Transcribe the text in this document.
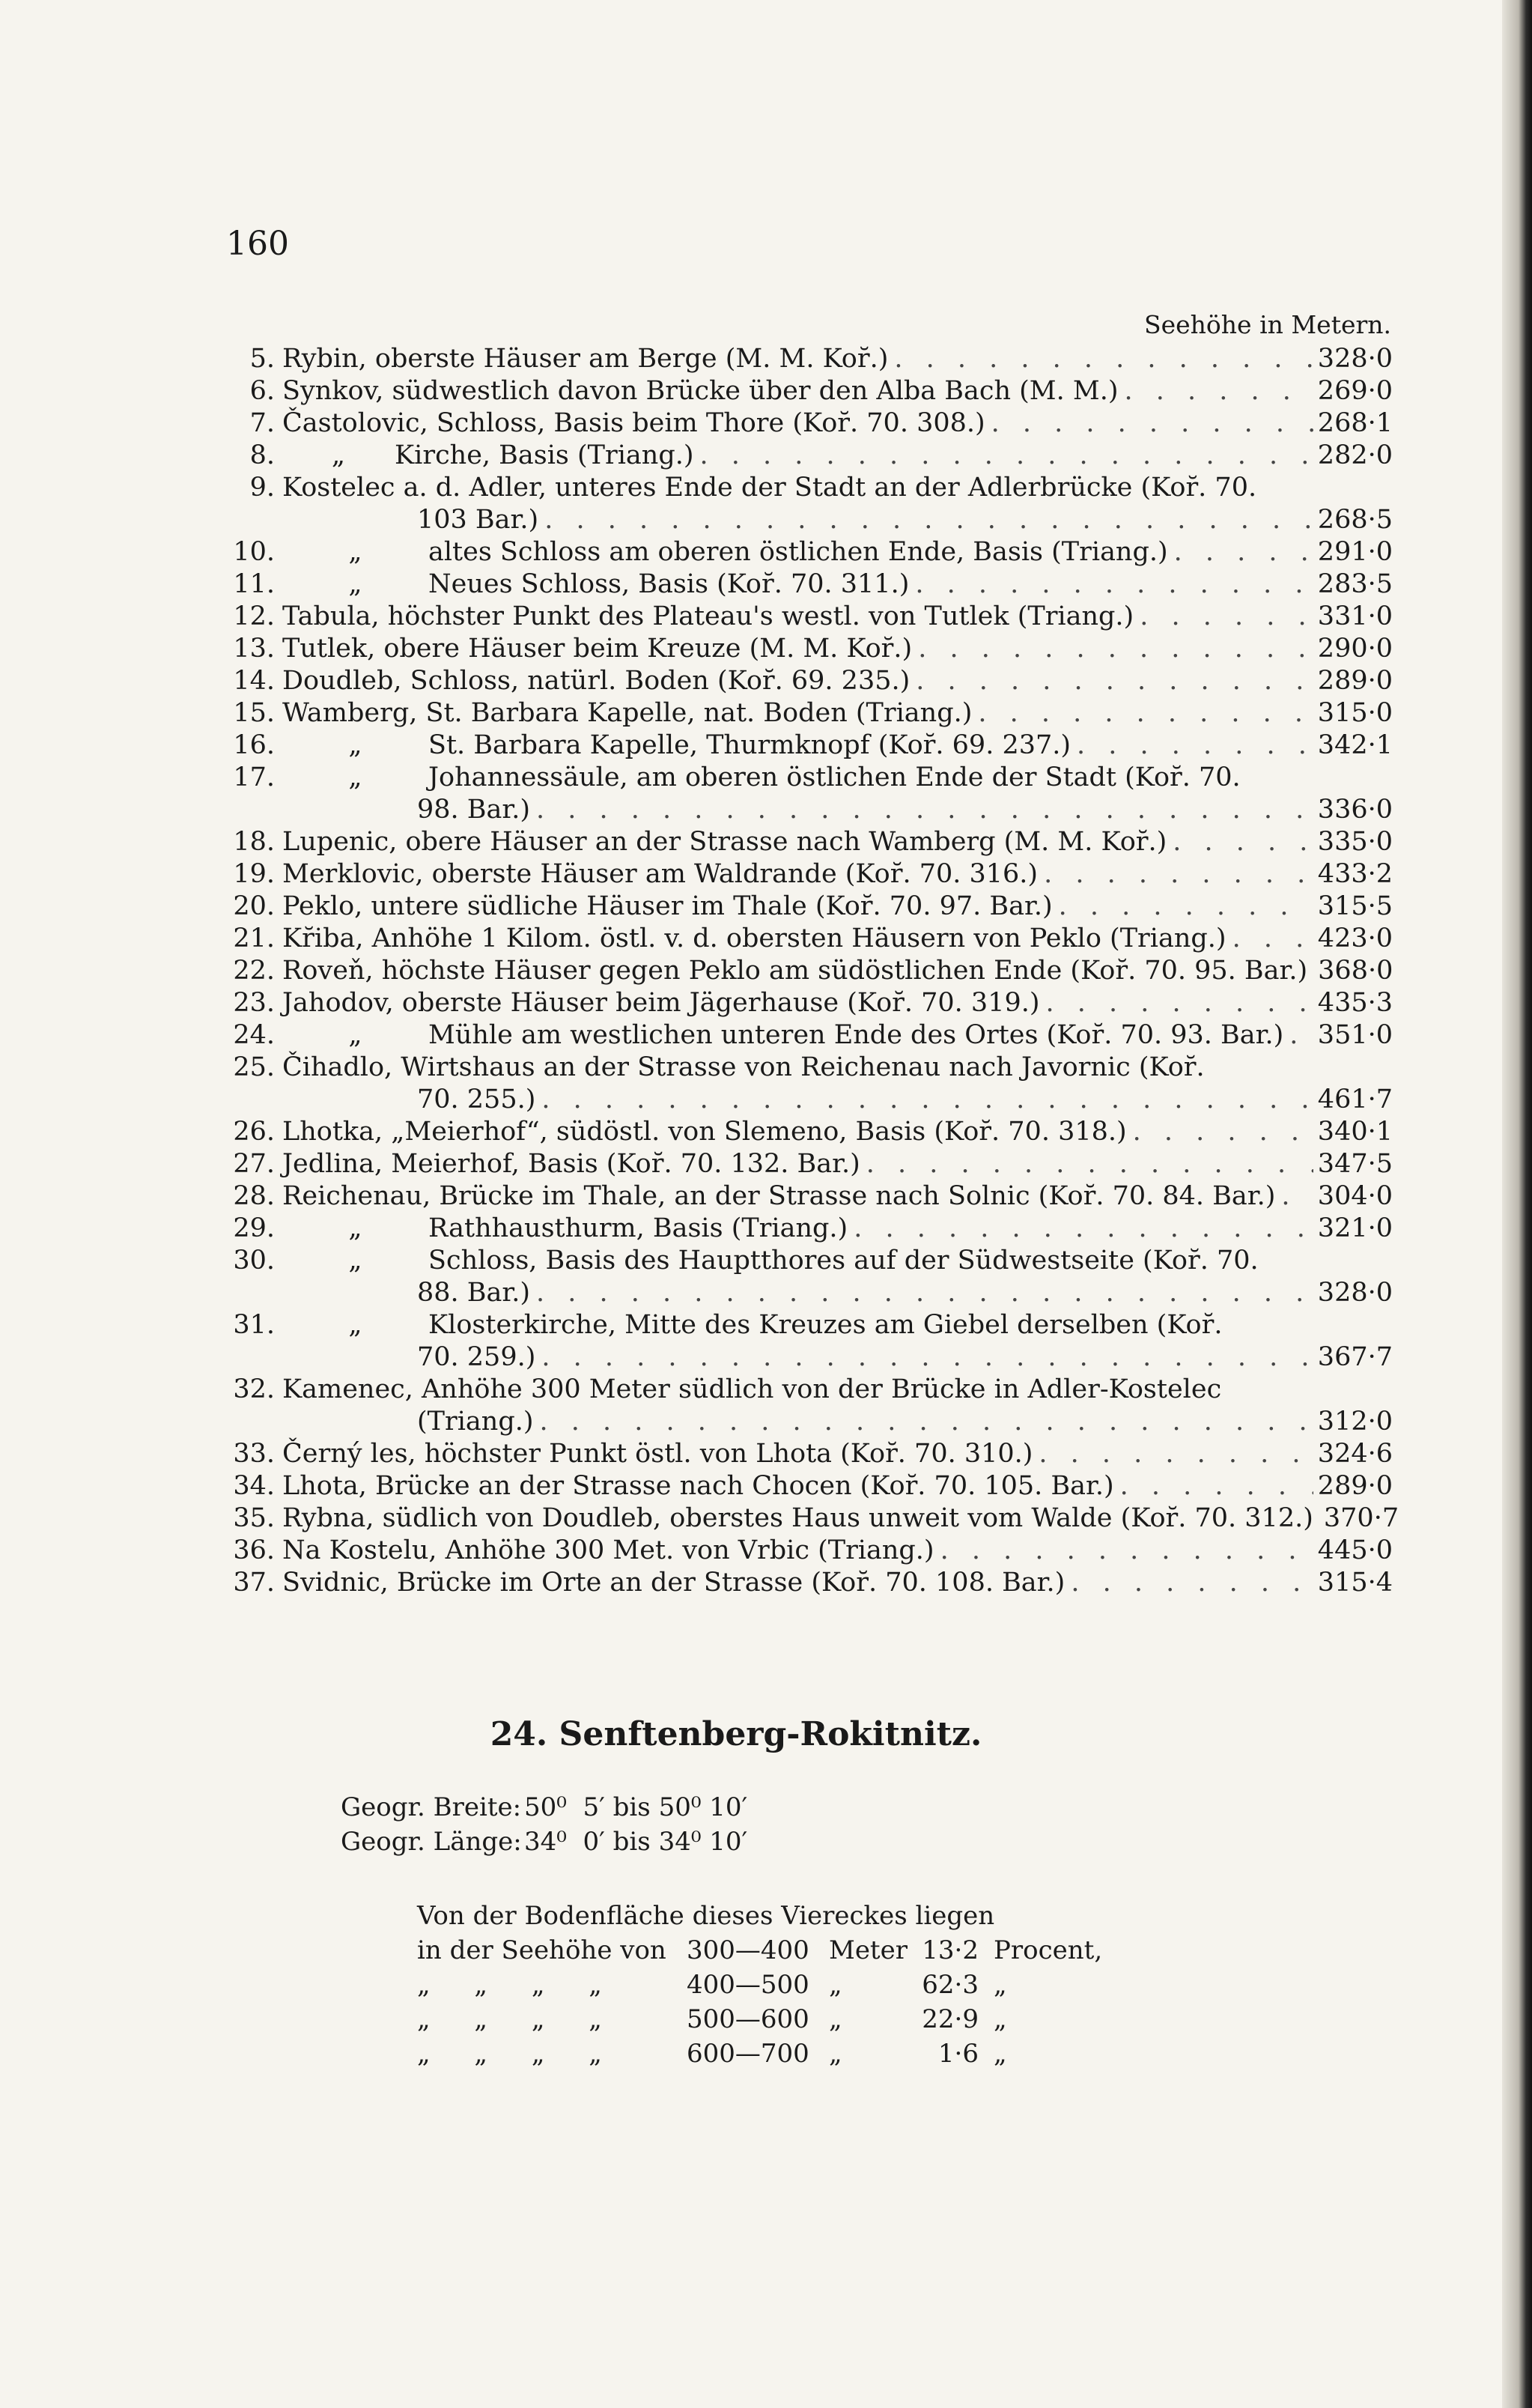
160
Seehöhe in Metern.
5. Rybin, oberste Häuser am Berge (M. M. Kor̆.) . . .	328·0
6. Synkov, südwestlich davon Brücke über den Alba Bach (M. M.) . . .	269·0
7. Častolovic, Schloss, Basis beim Thore (Kor̆. 70. 308.) . . .	268·1
8.	„ Kirche, Basis (Triang.) . . .	282·0
9. Kostelec a. d. Adler, unteres Ende der Stadt an der Adlerbrücke (Kor̆. 70.
103 Bar.) . . .	268·5
10.	„	altes Schloss am oberen östlichen Ende, Basis (Triang.) . . .	291·0
11.	„	Neues Schloss, Basis (Kor̆. 70. 311.) . . .	283·5
12. Tabula, höchster Punkt des Plateau's westl. von Tutlek (Triang.) . . .	331·0
13. Tutlek, obere Häuser beim Kreuze (M. M. Kor̆.) . . .	290·0
14. Doudleb, Schloss, natürl. Boden (Kor̆. 69. 235.) . . .	289·0
15. Wamberg, St. Barbara Kapelle, nat. Boden (Triang.) . . .	315·0
16.	„	St. Barbara Kapelle, Thurmknopf (Kor̆. 69. 237.) . . .	342·1
17.	„	Johannessäule, am oberen östlichen Ende der Stadt (Kor̆. 70.
98. Bar.) . . .	336·0
18. Lupenic, obere Häuser an der Strasse nach Wamberg (M. M. Kor̆.) . . .	335·0
19. Merklovic, oberste Häuser am Waldrande (Kor̆. 70. 316.) . . .	433·2
20. Peklo, untere südliche Häuser im Thale (Kor̆. 70. 97. Bar.) . . .	315·5
21. Kr̆iba, Anhöhe 1 Kilom. östl. v. d. obersten Häusern von Peklo (Triang.) . . .	423·0
22. Roveň, höchste Häuser gegen Peklo am südöstlichen Ende (Kor̆. 70. 95. Bar.) . . . 368·0
23. Jahodov, oberste Häuser beim Jägerhause (Kor̆. 70. 319.) . . .	435·3
24.	„	Mühle am westlichen unteren Ende des Ortes (Kor̆. 70. 93. Bar.) . . . 351·0
25. Čihadlo, Wirtshaus an der Strasse von Reichenau nach Javornic (Kor̆.
70. 255.) . . .	461·7
26. Lhotka, „Meierhof“, südöstl. von Slemeno, Basis (Kor̆. 70. 318.) . . .	340·1
27. Jedlina, Meierhof, Basis (Kor̆. 70. 132. Bar.) . . .	347·5
28. Reichenau, Brücke im Thale, an der Strasse nach Solnic (Kor̆. 70. 84. Bar.) . . . 304·0
29.	„	Rathhausthurm, Basis (Triang.) . . .	321·0
30.	„	Schloss, Basis des Hauptthores auf der Südwestseite (Kor̆. 70.
88. Bar.) . . .	328·0
31.	„	Klosterkirche, Mitte des Kreuzes am Giebel derselben (Kor̆.
70. 259.) . . .	367·7
32. Kamenec, Anhöhe 300 Meter südlich von der Brücke in Adler-Kostelec
(Triang.) . . .	312·0
33. Černý les, höchster Punkt östl. von Lhota (Kor̆. 70. 310.) . . .	324·6
34. Lhota, Brücke an der Strasse nach Chocen (Kor̆. 70. 105. Bar.) . . .	289·0
35. Rybna, südlich von Doudleb, oberstes Haus unweit vom Walde (Kor̆. 70. 312.) . . . 370·7
36. Na Kostelu, Anhöhe 300 Met. von Vrbic (Triang.) . . .	445·0
37. Svidnic, Brücke im Orte an der Strasse (Kor̆. 70. 108. Bar.) . . .	315·4
24. Senftenberg-Rokitnitz.
Geogr. Breite: 50⁰  5′ bis 50⁰ 10′
Geogr. Länge:34⁰  0′ bis 34⁰ 10′
Von der Bodenfläche dieses Viereckes liegen
in der Seehöhe von 300—400 Meter 13·2 Procent,
„ „ „ „	400—500 „	62·3 „
„ „ „ „	500—600 „	22·9 „
„ „ „ „	600—700 „	1·6 „
